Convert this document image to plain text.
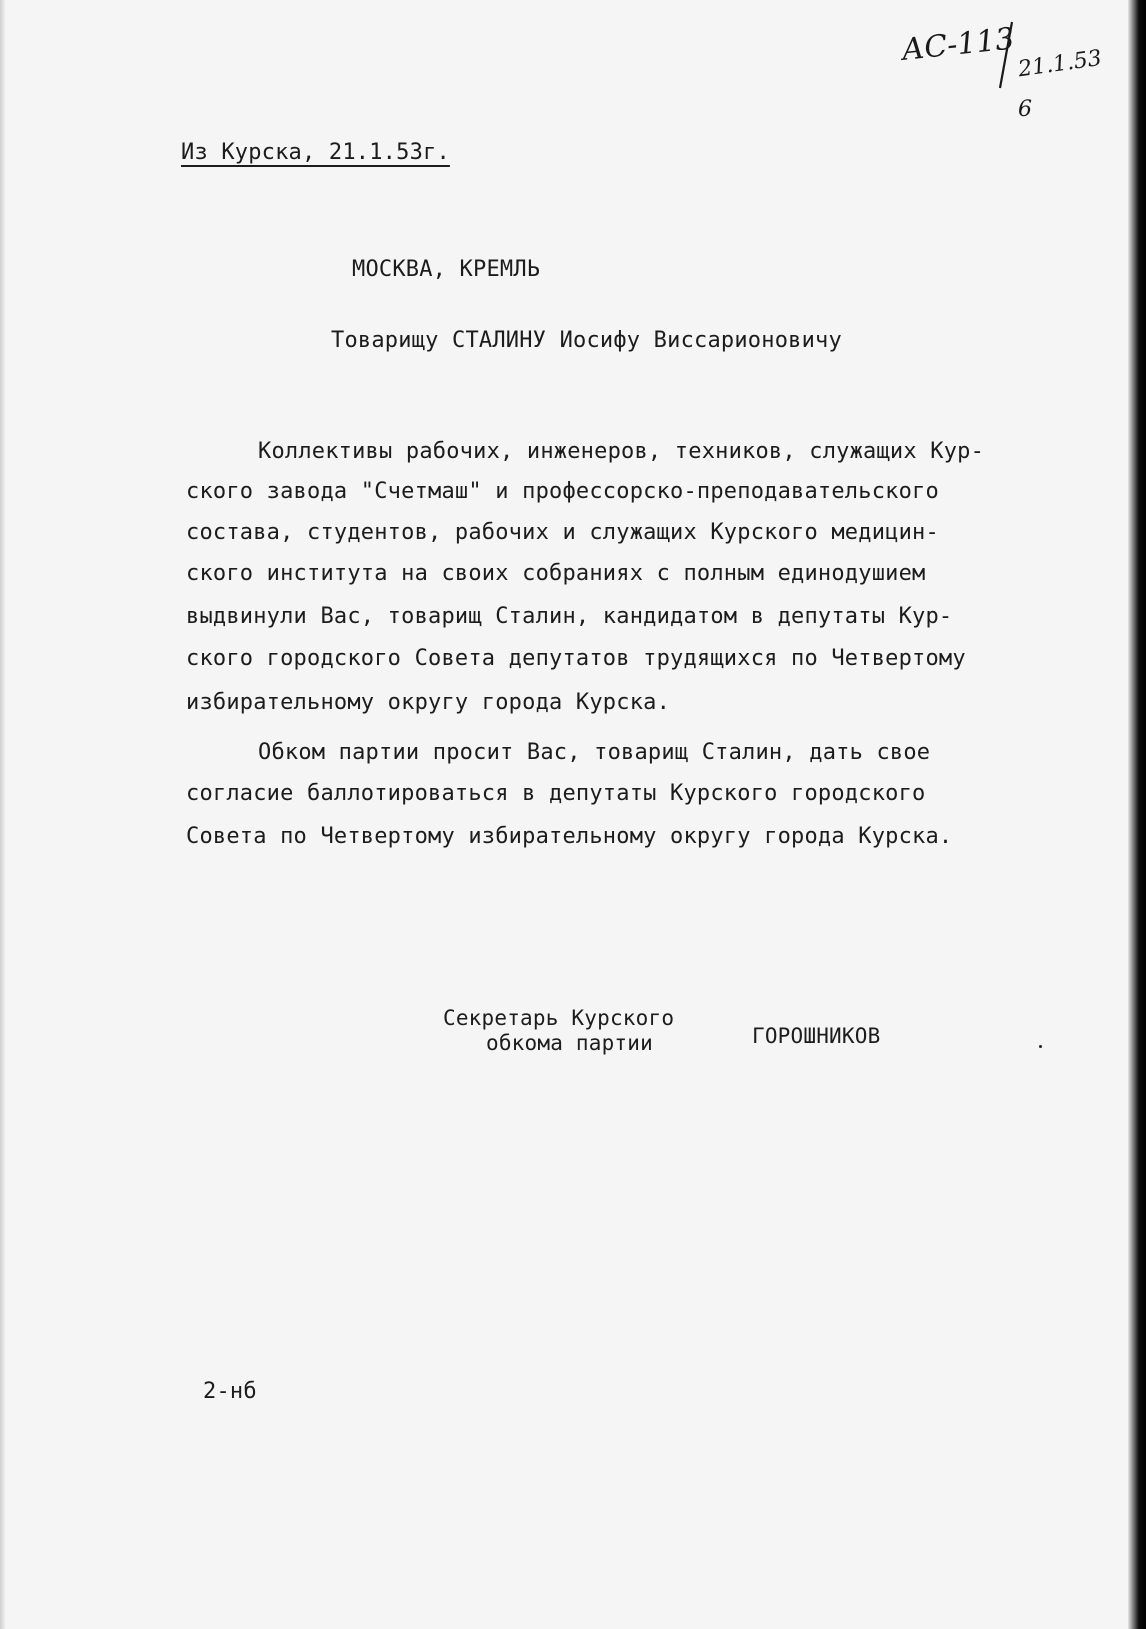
АС-113 21.1.53
6

Из Курска, 21.1.53г.

МОСКВА, КРЕМЛЬ

Товарищу СТАЛИНУ Иосифу Виссарионовичу

Коллективы рабочих, инженеров, техников, служащих Кур-

ского завода "Счетмаш" и профессорско-преподавательского

состава, студентов, рабочих и служащих Курского медицин-

ского института на своих собраниях с полным единодушием

выдвинули Вас, товарищ Сталин, кандидатом в депутаты Кур-

ского городского Совета депутатов трудящихся по Четвертому

избирательному округу города Курска.

Обком партии просит Вас, товарищ Сталин, дать свое

согласие баллотироваться в депутаты Курского городского

Совета по Четвертому избирательному округу города Курска.

Секретарь Курского

обкома партии	ГОРОШНИКОВ

2-нб
